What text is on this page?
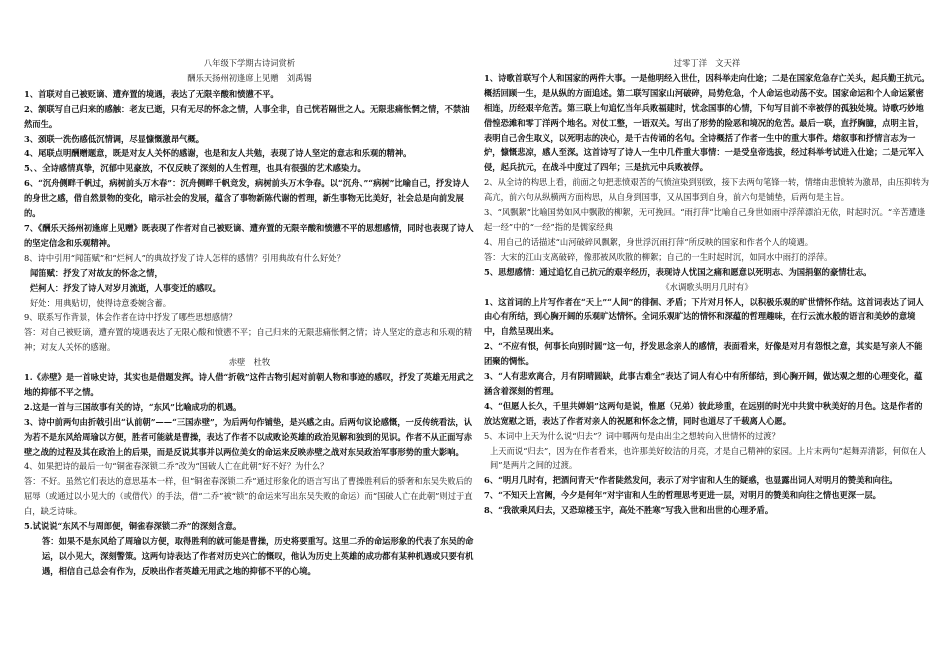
八年级下学期古诗词赏析

酬乐天扬州初逢席上见赠　刘禹锡

1、首联对自己被贬谪、遭弃置的境遇，表达了无限辛酸和愤懑不平。

2、颔联写自己归来的感触：老友已逝，只有无尽的怀念之情，人事全非，自己恍若隔世之人。无限悲痛怅惘之情，不禁油然而生。

3、颈联一洗伤感低沉情调，尽显慷慨激昂气概。

4、尾联点明酬赠题意，既是对友人关怀的感谢，也是和友人共勉，表现了诗人坚定的意志和乐观的精神。

5、、全诗感情真挚，沉郁中见豪放，不仅反映了深刻的人生哲理，也具有很强的艺术感染力。

6、“沉舟侧畔千帆过，病树前头万木春”：沉舟侧畔千帆竞发，病树前头万木争春。以“沉舟、”“病树”比喻自己，抒发诗人的身世之感，借自然景物的变化，暗示社会的发展，蕴含了事物新陈代谢的哲理，新生事物无比美好，社会总是向前发展的。

7、《酬乐天扬州初逢席上见赠》既表现了作者对自己被贬谪、遭弃置的无限辛酸和愤懑不平的思想感情，同时也表现了诗人的坚定信念和乐观精神。

8、诗中引用“闻笛赋”和“烂柯人”的典故抒发了诗人怎样的感情？引用典故有什么好处？

闻笛赋：抒发了对故友的怀念之情，

烂柯人：抒发了诗人对岁月流逝，人事变迁的感叹。

好处：用典贴切，使得诗意委婉含蓄。

9、联系写作背景，体会作者在诗中抒发了哪些思想感情？

答：对自己被贬谪，遭弃置的境遇表达了无限心酸和愤懑不平；自己归来的无限悲痛怅惘之情；诗人坚定的意志和乐观的精神；对友人关怀的感谢。

赤壁　杜牧

1.《赤壁》是一首咏史诗，其实也是借题发挥。诗人借“折戟”这件古物引起对前朝人物和事迹的感叹，抒发了英雄无用武之地的抑郁不平之情。

2.这是一首与三国故事有关的诗，“东风”比喻成功的机遇。

3、诗中前两句由折戟引出“认前朝”——“三国赤壁”，为后两句作铺垫，是兴感之由。后两句议论感慨，一反传统看法，认为若不是东风给周瑜以方便，胜者可能就是曹操，表达了作者不以成败论英雄的政治见解和独到的见识。作者不从正面写赤壁之战的过程及其在政治上的后果，而是反说其事并以两位美女的命运来反映赤壁之战对东吴政治军事形势的重大影响。

4、如果把诗的最后一句“铜雀春深锁二乔”改为“国破人亡在此朝”好不好？为什么？

答：不好。虽然它们表达的意思基本一样，但“铜雀春深锁二乔”通过形象化的语言写出了曹操胜利后的骄奢和东吴失败后的屈辱（或通过以小见大的（或借代）的手法，借“二乔”被“锁”的命运来写出东吴失败的命运）而“国破人亡在此朝”则过于直白，缺乏诗味。

5.试说说“东风不与周郎便，铜雀春深锁二乔”的深刻含意。

答：如果不是东风给了周瑜以方便，取得胜利的就可能是曹操，历史将要重写。这里二乔的命运形象的代表了东吴的命运，以小见大，深刻警策。这两句诗表达了作者对历史兴亡的慨叹，他认为历史上英雄的成功都有某种机遇或只要有机遇，相信自己总会有作为，反映出作者英雄无用武之地的抑郁不平的心境。

过零丁洋　文天祥

1、诗歌首联写个人和国家的两件大事。一是他明经入世仕，因科举走向仕途；二是在国家危急存亡关头，起兵勤王抗元。概括回顾一生，是从纵的方面追述。第二联写国家山河破碎，局势危急，个人命运也动荡不安。国家命运和个人命运紧密相连，历经艰辛危苦。第三联上句追忆当年兵败福建时，忧念国事的心情，下句写目前不幸被俘的孤独处境。诗歌巧妙地借惶恐滩和零丁洋两个地名。对仗工整，一语双关。写出了形势的险恶和境况的危苦。最后一联，直抒胸臆，点明主旨，表明自己舍生取义，以死明志的决心，是千古传诵的名句。全诗概括了作者一生中的重大事件。熔叙事和抒情言志为一炉，慷慨悲凉，感人至深。这首诗写了诗人一生中几件重大事情：一是受皇帝选拔，经过科举考试进入仕途；二是元军入侵，起兵抗元，在战斗中度过了四年；三是抗元中兵败被俘。

2、从全诗的构思上看，前面之句把悲愤艰苦的气愤渲染到别致，接下去两句笔锋一转，情绪由悲愤转为激昂，由压抑转为高亢，前六句从纵横两方面构思，从自身到国事，又从国事到自身，前六句是铺垫，后两句是主旨。

3、“风飘絮”比喻国势如风中飘散的柳絮，无可挽回。“雨打萍”比喻自己身世如雨中浮萍漂泊无依，时起时沉。“辛苦遭逢起一经”中的“一经”指的是儒家经典

4、用自己的话描述“山河破碎风飘絮，身世浮沉雨打萍”所反映的国家和作者个人的境遇。

答：大宋的江山支离破碎，像那被风吹散的柳絮；自己的一生时起时沉，如同水中雨打的浮萍。

5、思想感情：通过追忆自己抗元的艰辛经历，表现诗人忧国之痛和愿意以死明志、为国捐躯的豪情壮志。

《水调歌头明月几时有》

1、这首词的上片写作者在“天上”“人间”的徘徊、矛盾；下片对月怀人，以积极乐观的旷世情怀作结。这首词表达了词人由心有所结，到心胸开阔的乐观旷达情怀。全词乐观旷达的情怀和深蕴的哲理趣味，在行云流水般的语言和美妙的意境中，自然呈现出来。

2、“不应有恨，何事长向别时圆”这一句，抒发思念亲人的感情，表面看来，好像是对月有怨恨之意，其实是写亲人不能团聚的惆怅。

3、“人有悲欢离合，月有阴晴圆缺，此事古难全”表达了词人有心中有所郁结，到心胸开阔，做达观之想的心理变化，蕴涵含着深刻的哲理。

4、“但愿人长久，千里共婵娟”这两句是说，惟愿（兄弟）彼此珍重，在远别的时光中共赏中秋美好的月色。这是作者的放达宽慰之语，表达了作者对亲人的祝愿和怀念之情，同时也道尽了千载离人心愿。

5、本词中上天为什么说“归去”？词中哪两句是由出尘之想转向入世情怀的过渡？

上天而说“归去”，因为在作者看来，也许那美好皎洁的月亮，才是自己精神的家园。上片末两句“起舞弄清影，何似在人间”是两片之间的过渡。

6、“明月几时有，把酒问青天”作者陡然发问，表示了对宇宙和人生的疑惑，也显露出词人对明月的赞美和向往。

7、“不知天上宫阙，今夕是何年”对宇宙和人生的哲理思考更进一层，对明月的赞美和向往之情也更深一层。

8、“我欲乘风归去，又恐琼楼玉宇，高处不胜寒”写我入世和出世的心理矛盾。
